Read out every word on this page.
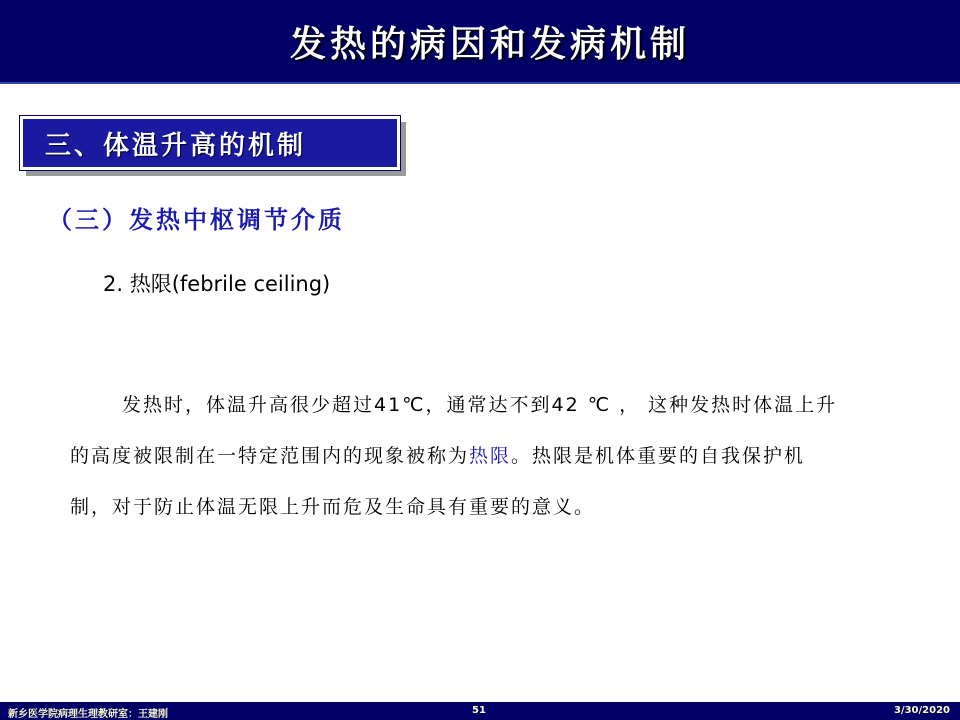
发热的病因和发病机制
三、体温升高的机制
（三）发热中枢调节介质
2. 热限(febrile ceiling)
发热时，体温升高很少超过41℃，通常达不到42 ℃ ， 这种发热时体温上升的高度被限制在一特定范围内的现象被称为热限。热限是机体重要的自我保护机制，对于防止体温无限上升而危及生命具有重要的意义。
新乡医学院病理生理教研室：王建刚	51	3/30/2020
